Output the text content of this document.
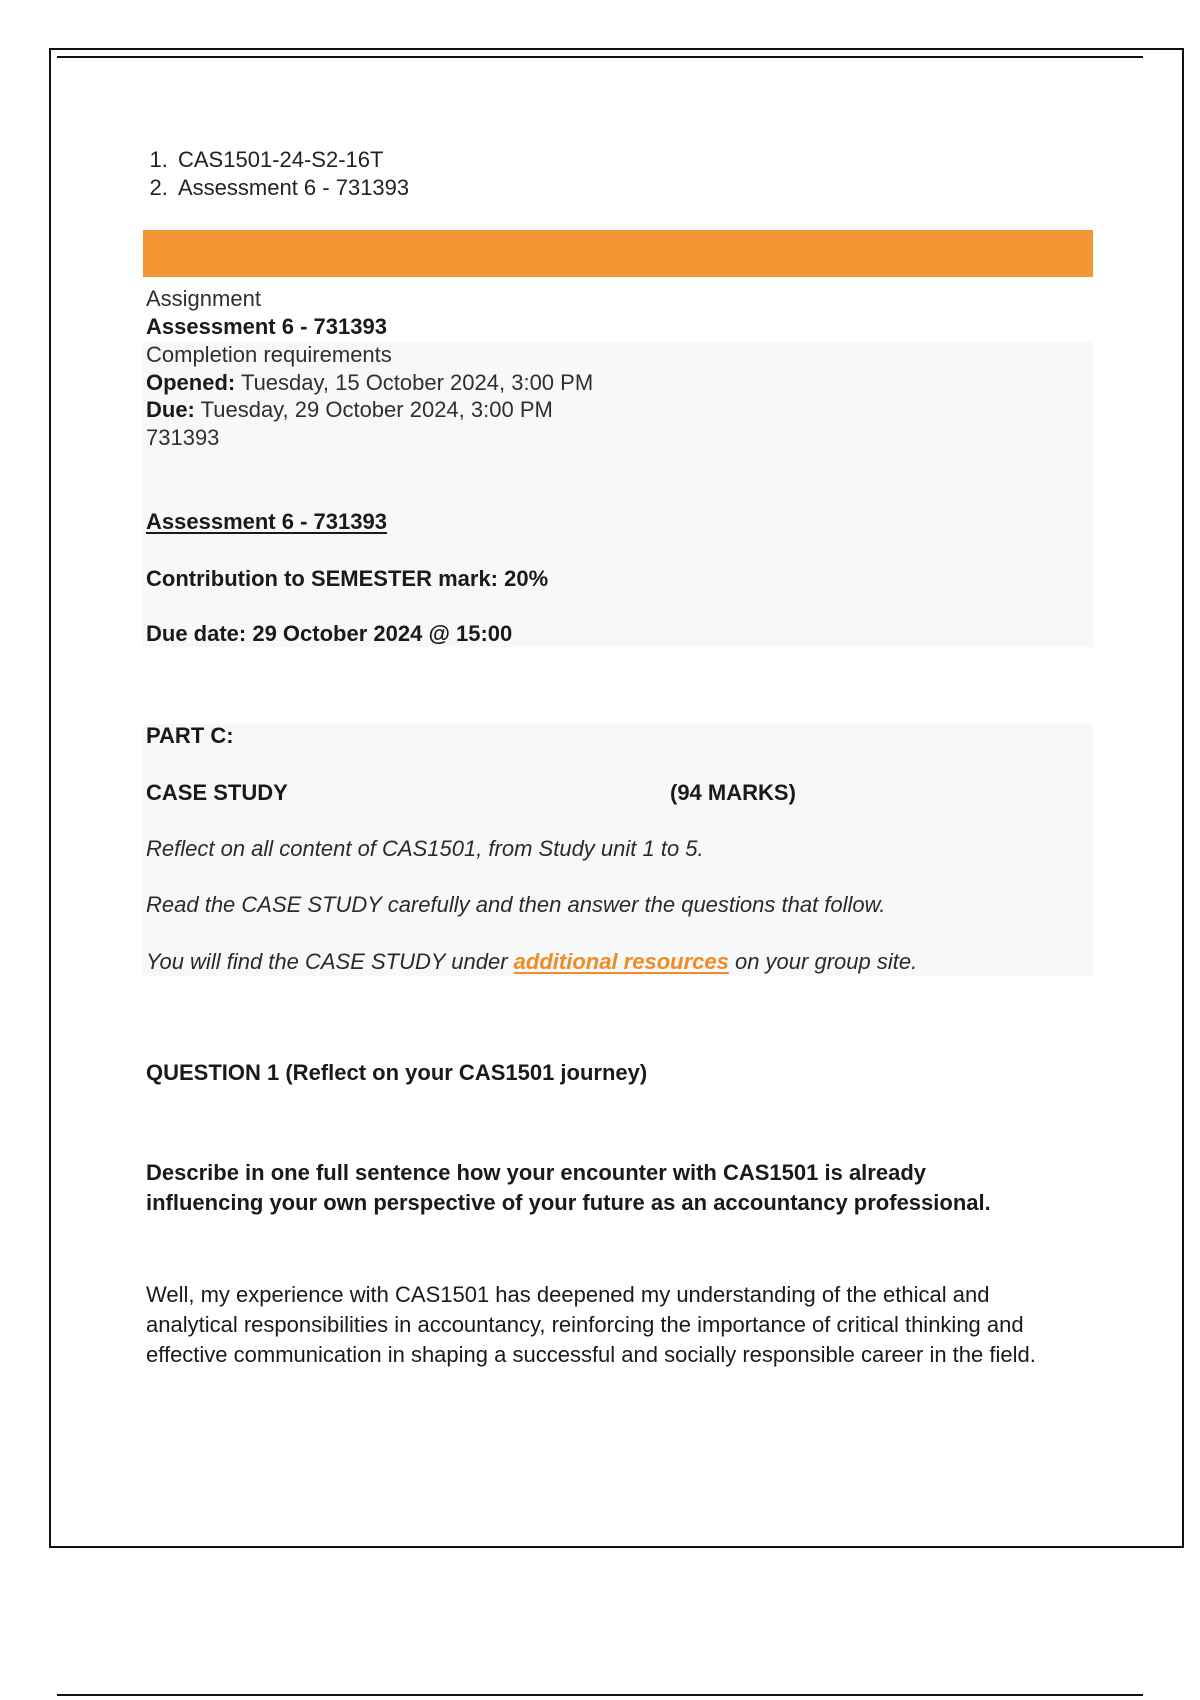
1. CAS1501-24-S2-16T
2. Assessment 6 - 731393

Assignment

Assessment 6 - 731393

Completion requirements

Opened: Tuesday, 15 October 2024, 3:00 PM

Due: Tuesday, 29 October 2024, 3:00 PM

731393

Assessment 6 - 731393

Contribution to SEMESTER mark: 20%

Due date: 29 October 2024 @ 15:00

PART C:

CASE STUDY	(94 MARKS)

Reflect on all content of CAS1501, from Study unit 1 to 5.

Read the CASE STUDY carefully and then answer the questions that follow.

You will find the CASE STUDY under additional resources on your group site.

QUESTION 1 (Reflect on your CAS1501 journey)

Describe in one full sentence how your encounter with CAS1501 is already

influencing your own perspective of your future as an accountancy professional.

Well, my experience with CAS1501 has deepened my understanding of the ethical and analytical responsibilities in accountancy, reinforcing the importance of critical thinking and effective communication in shaping a successful and socially responsible career in the field.
